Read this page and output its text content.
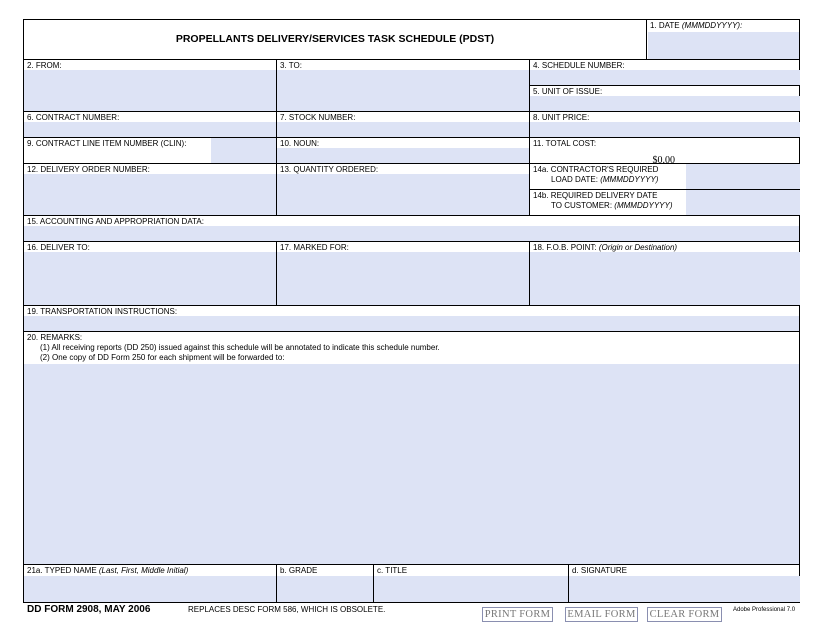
PROPELLANTS DELIVERY/SERVICES TASK SCHEDULE (PDST)
1. DATE (MMMDDYYYY):
2. FROM:	3. TO:	4. SCHEDULE NUMBER:
5. UNIT OF ISSUE:
6. CONTRACT NUMBER:	7. STOCK NUMBER:	8. UNIT PRICE:
9. CONTRACT LINE ITEM NUMBER (CLIN):	10. NOUN:	11. TOTAL COST:
$0.00
12. DELIVERY ORDER NUMBER:	13. QUANTITY ORDERED:	14a. CONTRACTOR'S REQUIRED
LOAD DATE: (MMMDDYYYY)
14b. REQUIRED DELIVERY DATE
TO CUSTOMER: (MMMDDYYYY)
15. ACCOUNTING AND APPROPRIATION DATA:
16. DELIVER TO:	17. MARKED FOR:	18. F.O.B. POINT: (Origin or Destination)
19. TRANSPORTATION INSTRUCTIONS:
20. REMARKS:
(1) All receiving reports (DD 250) issued against this schedule will be annotated to indicate this schedule number.
(2) One copy of DD Form 250 for each shipment will be forwarded to:
21a. TYPED NAME (Last, First, Middle Initial)	b. GRADE	c. TITLE	d. SIGNATURE
DD FORM 2908, MAY 2006	REPLACES DESC FORM 586, WHICH IS OBSOLETE.	PRINT FORM EMAIL FORM CLEAR FORM	Adobe Professional 7.0
